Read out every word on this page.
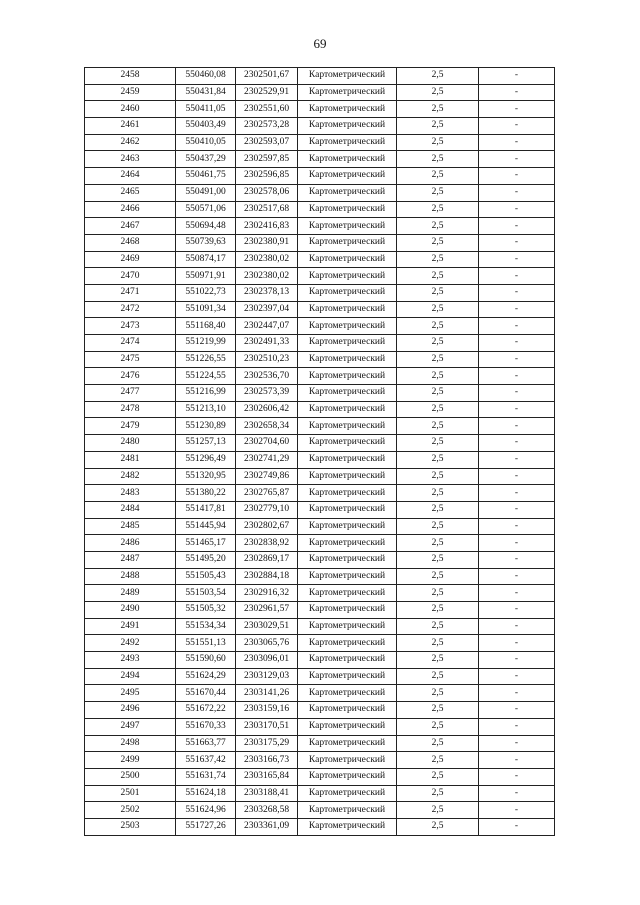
69
2458	550460,08	2302501,67	Картометрический	2,5	-
2459	550431,84	2302529,91	Картометрический	2,5	-
2460	550411,05	2302551,60	Картометрический	2,5	-
2461	550403,49	2302573,28	Картометрический	2,5	-
2462	550410,05	2302593,07	Картометрический	2,5	-
2463	550437,29	2302597,85	Картометрический	2,5	-
2464	550461,75	2302596,85	Картометрический	2,5	-
2465	550491,00	2302578,06	Картометрический	2,5	-
2466	550571,06	2302517,68	Картометрический	2,5	-
2467	550694,48	2302416,83	Картометрический	2,5	-
2468	550739,63	2302380,91	Картометрический	2,5	-
2469	550874,17	2302380,02	Картометрический	2,5	-
2470	550971,91	2302380,02	Картометрический	2,5	-
2471	551022,73	2302378,13	Картометрический	2,5	-
2472	551091,34	2302397,04	Картометрический	2,5	-
2473	551168,40	2302447,07	Картометрический	2,5	-
2474	551219,99	2302491,33	Картометрический	2,5	-
2475	551226,55	2302510,23	Картометрический	2,5	-
2476	551224,55	2302536,70	Картометрический	2,5	-
2477	551216,99	2302573,39	Картометрический	2,5	-
2478	551213,10	2302606,42	Картометрический	2,5	-
2479	551230,89	2302658,34	Картометрический	2,5	-
2480	551257,13	2302704,60	Картометрический	2,5	-
2481	551296,49	2302741,29	Картометрический	2,5	-
2482	551320,95	2302749,86	Картометрический	2,5	-
2483	551380,22	2302765,87	Картометрический	2,5	-
2484	551417,81	2302779,10	Картометрический	2,5	-
2485	551445,94	2302802,67	Картометрический	2,5	-
2486	551465,17	2302838,92	Картометрический	2,5	-
2487	551495,20	2302869,17	Картометрический	2,5	-
2488	551505,43	2302884,18	Картометрический	2,5	-
2489	551503,54	2302916,32	Картометрический	2,5	-
2490	551505,32	2302961,57	Картометрический	2,5	-
2491	551534,34	2303029,51	Картометрический	2,5	-
2492	551551,13	2303065,76	Картометрический	2,5	-
2493	551590,60	2303096,01	Картометрический	2,5	-
2494	551624,29	2303129,03	Картометрический	2,5	-
2495	551670,44	2303141,26	Картометрический	2,5	-
2496	551672,22	2303159,16	Картометрический	2,5	-
2497	551670,33	2303170,51	Картометрический	2,5	-
2498	551663,77	2303175,29	Картометрический	2,5	-
2499	551637,42	2303166,73	Картометрический	2,5	-
2500	551631,74	2303165,84	Картометрический	2,5	-
2501	551624,18	2303188,41	Картометрический	2,5	-
2502	551624,96	2303268,58	Картометрический	2,5	-
2503	551727,26	2303361,09	Картометрический	2,5	-
